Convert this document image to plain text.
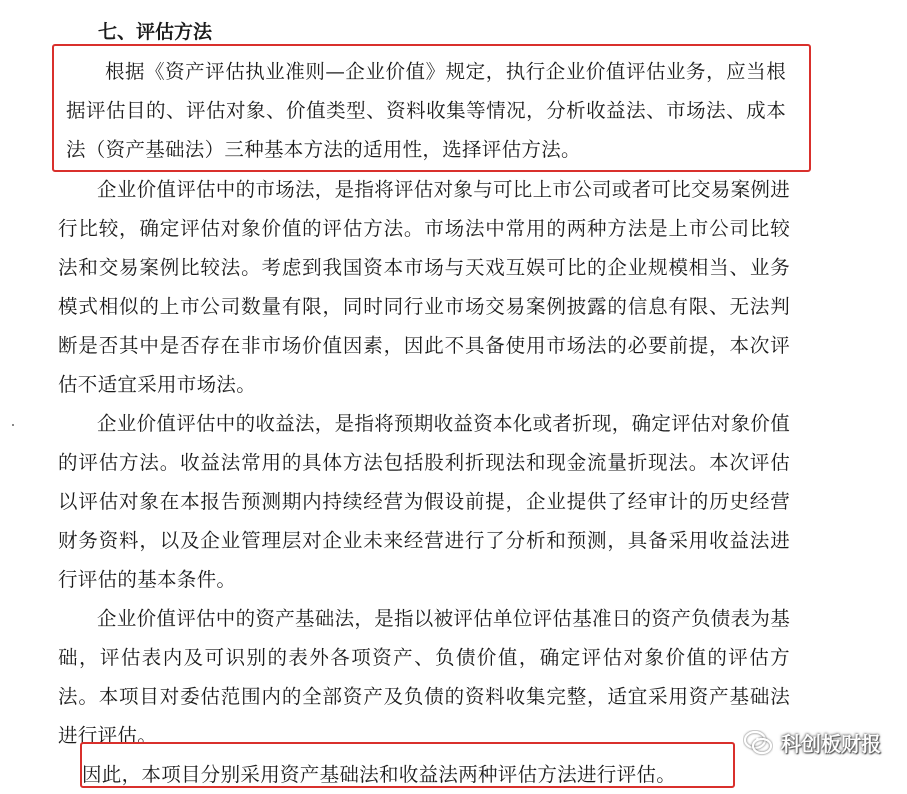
七、评估方法

根据《资产评估执业准则—企业价值》规定，执行企业价值评估业务，应当根据评估目的、评估对象、价值类型、资料收集等情况，分析收益法、市场法、成本法（资产基础法）三种基本方法的适用性，选择评估方法。

企业价值评估中的市场法，是指将评估对象与可比上市公司或者可比交易案例进行比较，确定评估对象价值的评估方法。市场法中常用的两种方法是上市公司比较法和交易案例比较法。考虑到我国资本市场与天戏互娱可比的企业规模相当、业务模式相似的上市公司数量有限，同时同行业市场交易案例披露的信息有限、无法判断是否其中是否存在非市场价值因素，因此不具备使用市场法的必要前提，本次评估不适宜采用市场法。

企业价值评估中的收益法，是指将预期收益资本化或者折现，确定评估对象价值的评估方法。收益法常用的具体方法包括股利折现法和现金流量折现法。本次评估以评估对象在本报告预测期内持续经营为假设前提，企业提供了经审计的历史经营财务资料，以及企业管理层对企业未来经营进行了分析和预测，具备采用收益法进行评估的基本条件。

企业价值评估中的资产基础法，是指以被评估单位评估基准日的资产负债表为基础，评估表内及可识别的表外各项资产、负债价值，确定评估对象价值的评估方法。本项目对委估范围内的全部资产及负债的资料收集完整，适宜采用资产基础法进行评估。

因此，本项目分别采用资产基础法和收益法两种评估方法进行评估。

科创板财报
